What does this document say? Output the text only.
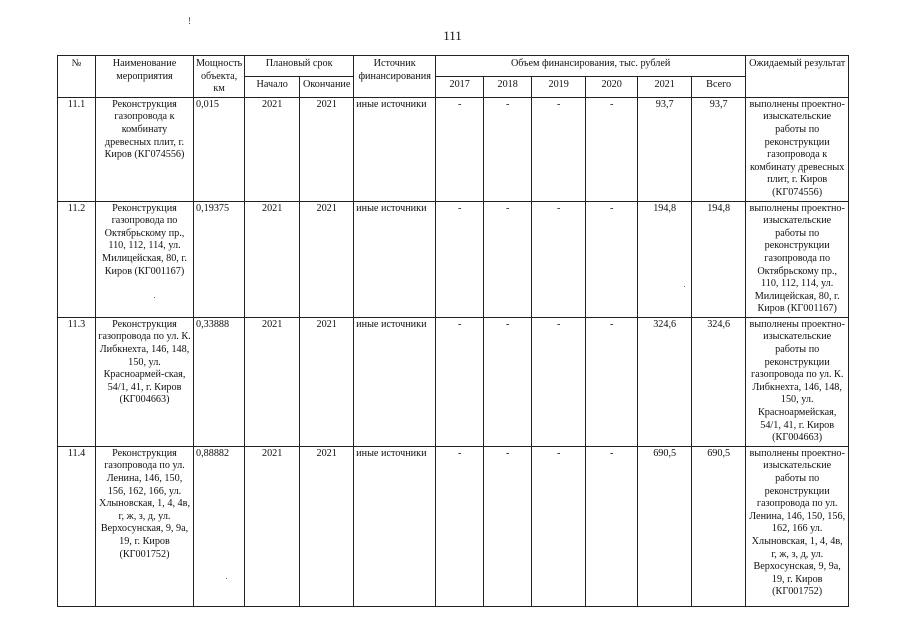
!
111
№	Наименование мероприятия	Мощность объекта, км	Плановый срок		Источник финансирования	Объем финансирования, тыс. рублей						Ожидаемый результат
			Начало	Окончание		2017	2018	2019	2020	2021	Всего	
11.1	Реконструкция газопровода к комбинату древесных плит, г. Киров (КГ074556)	0,015	2021	2021	иные источники	-	-	-	-	93,7	93,7	выполнены проектно-изыскательские работы по реконструкции газопровода к комбинату древесных плит, г. Киров (КГ074556)
11.2	Реконструкция газопровода по Октябрьскому пр., 110, 112, 114, ул. Милицейская, 80, г. Киров (КГ001167)	0,19375	2021	2021	иные источники	-	-	-	-	194,8	194,8	выполнены проектно-изыскательские работы по реконструкции газопровода по Октябрьскому пр., 110, 112, 114, ул. Милицейская, 80, г. Киров (КГ001167)
11.3	Реконструкция газопровода по ул. К. Либкнехта, 146, 148, 150, ул. Красноармей-ская, 54/1, 41, г. Киров (КГ004663)	0,33888	2021	2021	иные источники	-	-	-	-	324,6	324,6	выполнены проектно-изыскательские работы по реконструкции газопровода по ул. К. Либкнехта, 146, 148, 150, ул. Красноармейская, 54/1, 41, г. Киров (КГ004663)
11.4	Реконструкция газопровода по ул. Ленина, 146, 150, 156, 162, 166, ул. Хлыновская, 1, 4, 4в, г, ж, з, д, ул. Верхосунская, 9, 9а, 19, г. Киров (КГ001752)	0,88882	2021	2021	иные источники	-	-	-	-	690,5	690,5	выполнены проектно-изыскательские работы по реконструкции газопровода по ул. Ленина, 146, 150, 156, 162, 166 ул. Хлыновская, 1, 4, 4в, г, ж, з, д, ул. Верхосунская, 9, 9а, 19, г. Киров (КГ001752)
